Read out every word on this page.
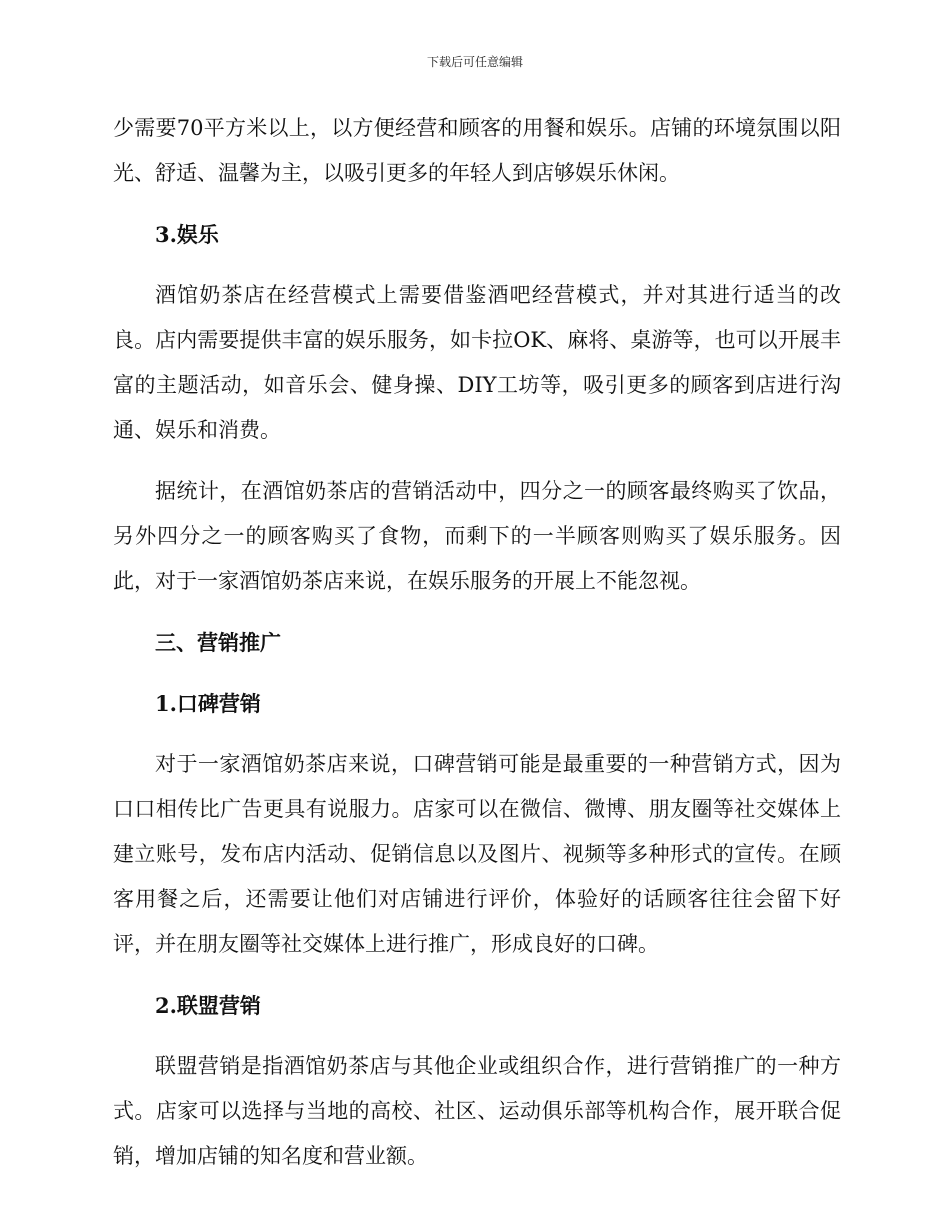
下载后可任意编辑

少需要70平方米以上，以方便经营和顾客的用餐和娱乐。店铺的环境氛围以阳光、舒适、温馨为主，以吸引更多的年轻人到店够娱乐休闲。

3.娱乐

酒馆奶茶店在经营模式上需要借鉴酒吧经营模式，并对其进行适当的改良。店内需要提供丰富的娱乐服务，如卡拉OK、麻将、桌游等，也可以开展丰富的主题活动，如音乐会、健身操、DIY工坊等，吸引更多的顾客到店进行沟通、娱乐和消费。

据统计，在酒馆奶茶店的营销活动中，四分之一的顾客最终购买了饮品，另外四分之一的顾客购买了食物，而剩下的一半顾客则购买了娱乐服务。因此，对于一家酒馆奶茶店来说，在娱乐服务的开展上不能忽视。

三、营销推广
1.口碑营销

对于一家酒馆奶茶店来说，口碑营销可能是最重要的一种营销方式，因为口口相传比广告更具有说服力。店家可以在微信、微博、朋友圈等社交媒体上建立账号，发布店内活动、促销信息以及图片、视频等多种形式的宣传。在顾客用餐之后，还需要让他们对店铺进行评价，体验好的话顾客往往会留下好评，并在朋友圈等社交媒体上进行推广，形成良好的口碑。

2.联盟营销

联盟营销是指酒馆奶茶店与其他企业或组织合作，进行营销推广的一种方式。店家可以选择与当地的高校、社区、运动俱乐部等机构合作，展开联合促销，增加店铺的知名度和营业额。
